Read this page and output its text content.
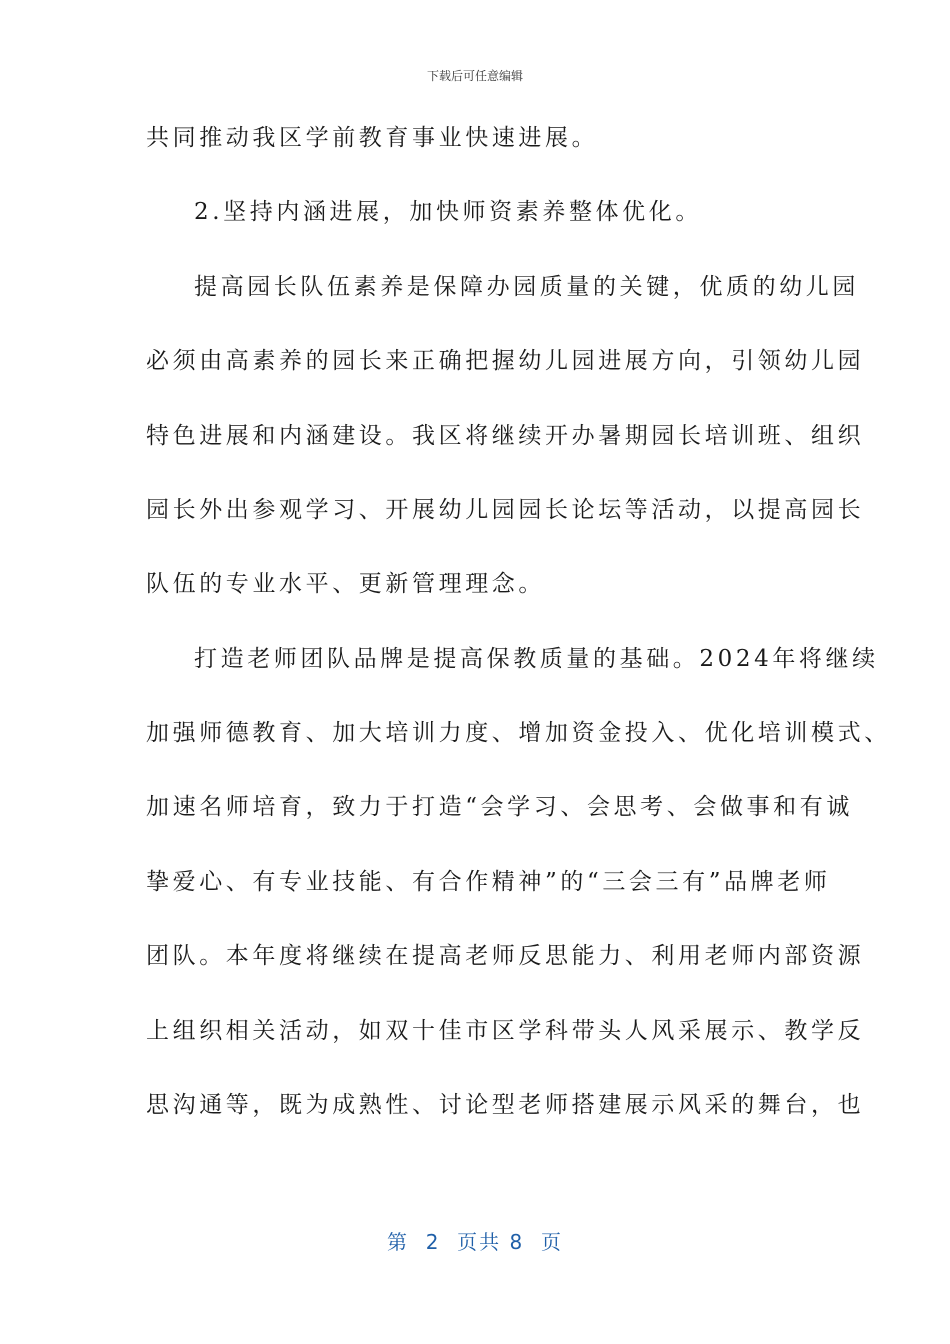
下载后可任意编辑
共同推动我区学前教育事业快速进展。
2.坚持内涵进展，加快师资素养整体优化。
提高园长队伍素养是保障办园质量的关键，优质的幼儿园
必须由高素养的园长来正确把握幼儿园进展方向，引领幼儿园
特色进展和内涵建设。我区将继续开办暑期园长培训班、组织
园长外出参观学习、开展幼儿园园长论坛等活动，以提高园长
队伍的专业水平、更新管理理念。
打造老师团队品牌是提高保教质量的基础。2024年将继续
加强师德教育、加大培训力度、增加资金投入、优化培训模式、
加速名师培育，致力于打造“会学习、会思考、会做事和有诚
挚爱心、有专业技能、有合作精神”的“三会三有”品牌老师
团队。本年度将继续在提高老师反思能力、利用老师内部资源
上组织相关活动，如双十佳市区学科带头人风采展示、教学反
思沟通等，既为成熟性、讨论型老师搭建展示风采的舞台，也
第  2  页共 8  页
